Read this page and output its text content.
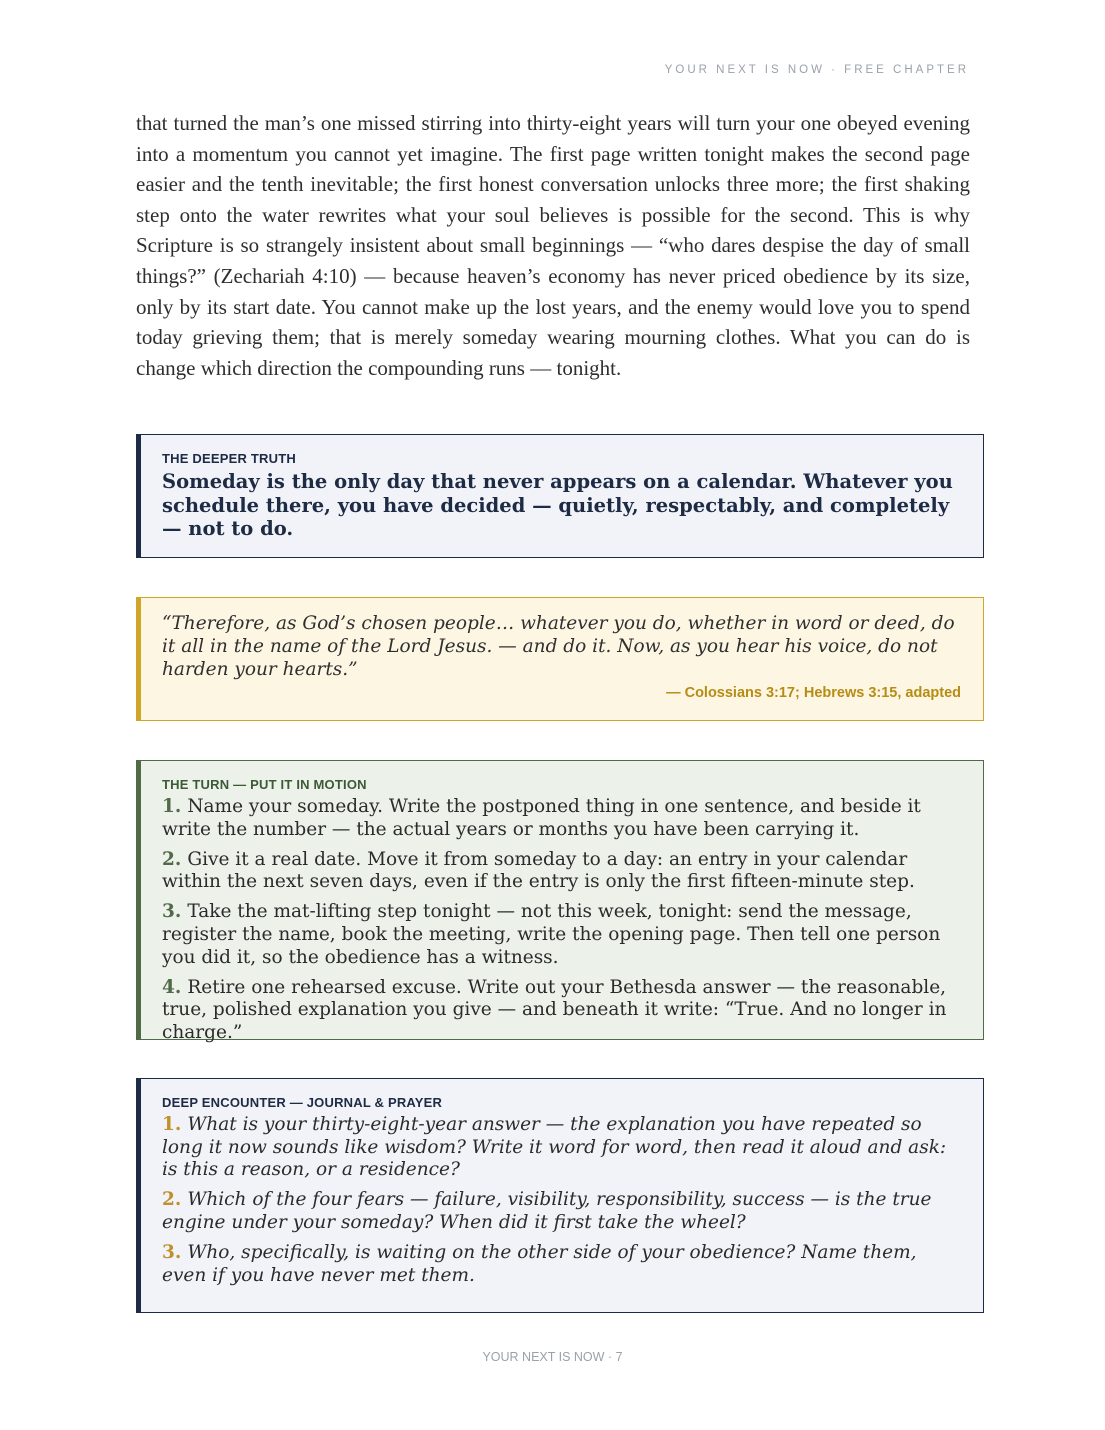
YOUR NEXT IS NOW · FREE CHAPTER

that turned the man’s one missed stirring into thirty-eight years will turn your one obeyed evening into a momentum you cannot yet imagine. The first page written tonight makes the second page easier and the tenth inevitable; the first honest conversation unlocks three more; the first shaking step onto the water rewrites what your soul believes is possible for the second. This is why Scripture is so strangely insistent about small beginnings — “who dares despise the day of small things?” (Zechariah 4:10) — because heaven’s economy has never priced obedience by its size, only by its start date. You cannot make up the lost years, and the enemy would love you to spend today grieving them; that is merely someday wearing mourning clothes. What you can do is change which direction the compounding runs — tonight.

THE DEEPER TRUTH
Someday is the only day that never appears on a calendar. Whatever you schedule there, you have decided — quietly, respectably, and completely — not to do.
“Therefore, as God’s chosen people… whatever you do, whether in word or deed, do it all in the name of the Lord Jesus. — and do it. Now, as you hear his voice, do not harden your hearts.”
— Colossians 3:17; Hebrews 3:15, adapted
THE TURN — PUT IT IN MOTION
1. Name your someday. Write the postponed thing in one sentence, and beside it write the number — the actual years or months you have been carrying it.
2. Give it a real date. Move it from someday to a day: an entry in your calendar within the next seven days, even if the entry is only the first fifteen-minute step.
3. Take the mat-lifting step tonight — not this week, tonight: send the message, register the name, book the meeting, write the opening page. Then tell one person you did it, so the obedience has a witness.
4. Retire one rehearsed excuse. Write out your Bethesda answer — the reasonable, true, polished explanation you give — and beneath it write: “True. And no longer in charge.”
DEEP ENCOUNTER — JOURNAL & PRAYER
1. What is your thirty-eight-year answer — the explanation you have repeated so long it now sounds like wisdom? Write it word for word, then read it aloud and ask: is this a reason, or a residence?
2. Which of the four fears — failure, visibility, responsibility, success — is the true engine under your someday? When did it first take the wheel?
3. Who, specifically, is waiting on the other side of your obedience? Name them, even if you have never met them.
YOUR NEXT IS NOW · 7
